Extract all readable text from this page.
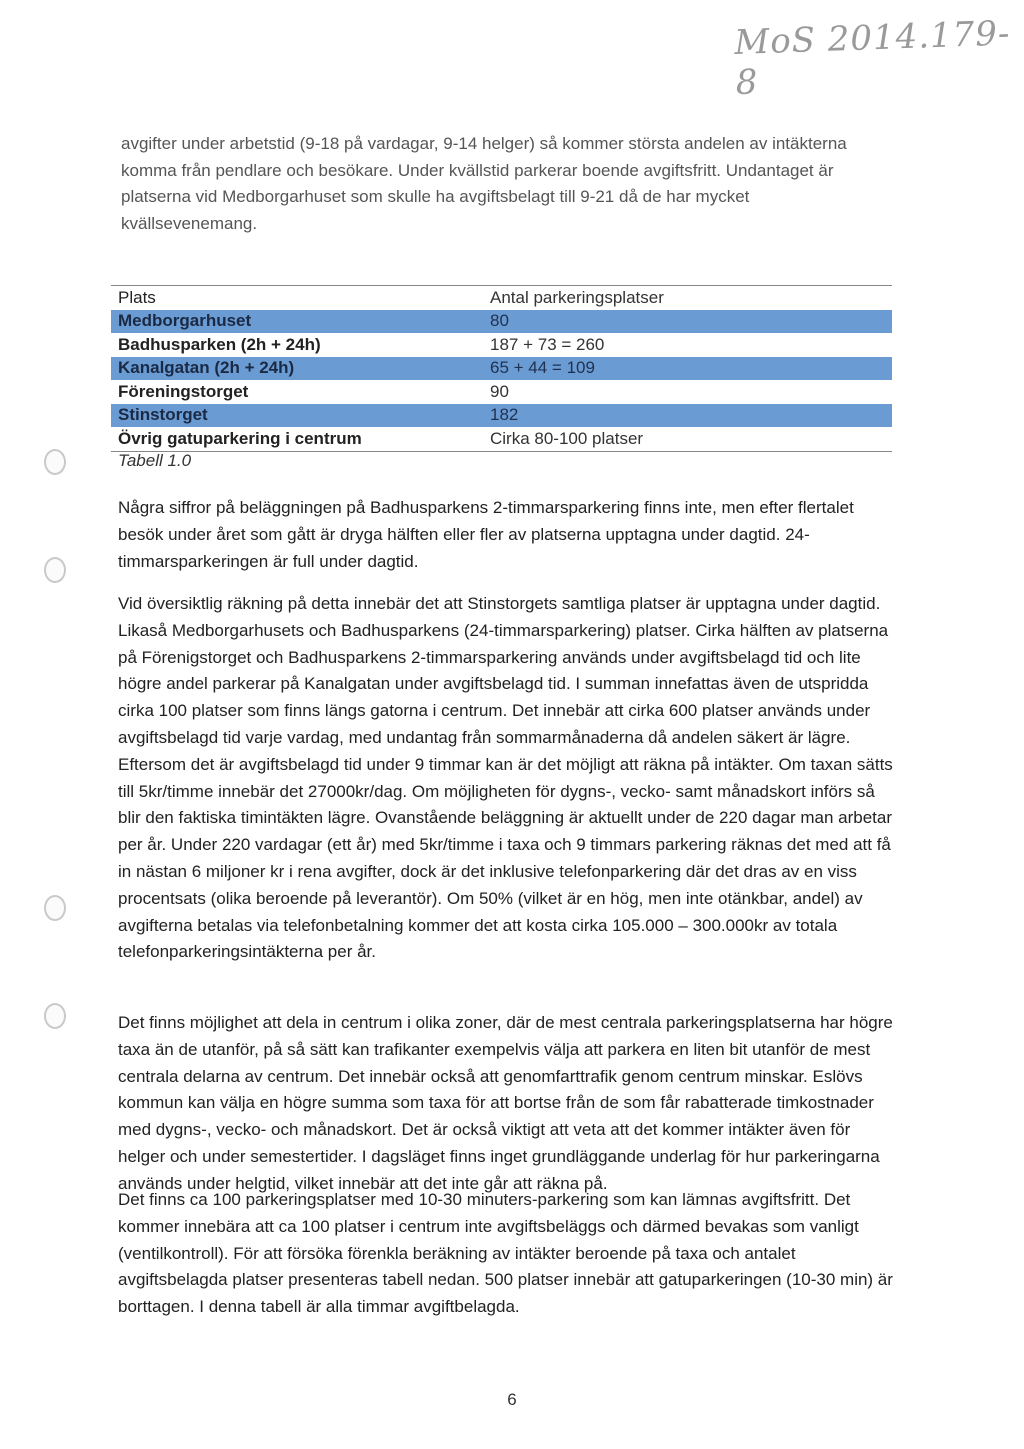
MoS 2014.179-8

avgifter under arbetstid (9-18 på vardagar, 9-14 helger) så kommer största andelen av intäkterna komma från pendlare och besökare. Under kvällstid parkerar boende avgiftsfritt. Undantaget är platserna vid Medborgarhuset som skulle ha avgiftsbelagt till 9-21 då de har mycket kvällsevenemang.

Plats	Antal parkeringsplatser
Medborgarhuset	80
Badhusparken (2h + 24h)	187 + 73 = 260
Kanalgatan (2h + 24h)	65 + 44 = 109
Föreningstorget	90
Stinstorget	182
Övrig gatuparkering i centrum	Cirka 80-100 platser
Tabell 1.0

Några siffror på beläggningen på Badhusparkens 2-timmarsparkering finns inte, men efter flertalet besök under året som gått är dryga hälften eller fler av platserna upptagna under dagtid. 24-timmarsparkeringen är full under dagtid.

Vid översiktlig räkning på detta innebär det att Stinstorgets samtliga platser är upptagna under dagtid. Likaså Medborgarhusets och Badhusparkens (24-timmarsparkering) platser. Cirka hälften av platserna på Förenigstorget och Badhusparkens 2-timmarsparkering används under avgiftsbelagd tid och lite högre andel parkerar på Kanalgatan under avgiftsbelagd tid. I summan innefattas även de utspridda cirka 100 platser som finns längs gatorna i centrum. Det innebär att cirka 600 platser används under avgiftsbelagd tid varje vardag, med undantag från sommarmånaderna då andelen säkert är lägre. Eftersom det är avgiftsbelagd tid under 9 timmar kan är det möjligt att räkna på intäkter. Om taxan sätts till 5kr/timme innebär det 27000kr/dag. Om möjligheten för dygns-, vecko- samt månadskort införs så blir den faktiska timintäkten lägre. Ovanstående beläggning är aktuellt under de 220 dagar man arbetar per år. Under 220 vardagar (ett år) med 5kr/timme i taxa och 9 timmars parkering räknas det med att få in nästan 6 miljoner kr i rena avgifter, dock är det inklusive telefonparkering där det dras av en viss procentsats (olika beroende på leverantör). Om 50% (vilket är en hög, men inte otänkbar, andel) av avgifterna betalas via telefonbetalning kommer det att kosta cirka 105.000 – 300.000kr av totala telefonparkeringsintäkterna per år.

Det finns möjlighet att dela in centrum i olika zoner, där de mest centrala parkeringsplatserna har högre taxa än de utanför, på så sätt kan trafikanter exempelvis välja att parkera en liten bit utanför de mest centrala delarna av centrum. Det innebär också att genomfarttrafik genom centrum minskar. Eslövs kommun kan välja en högre summa som taxa för att bortse från de som får rabatterade timkostnader med dygns-, vecko- och månadskort. Det är också viktigt att veta att det kommer intäkter även för helger och under semestertider. I dagsläget finns inget grundläggande underlag för hur parkeringarna används under helgtid, vilket innebär att det inte går att räkna på.

Det finns ca 100 parkeringsplatser med 10-30 minuters-parkering som kan lämnas avgiftsfritt. Det kommer innebära att ca 100 platser i centrum inte avgiftsbeläggs och därmed bevakas som vanligt (ventilkontroll). För att försöka förenkla beräkning av intäkter beroende på taxa och antalet avgiftsbelagda platser presenteras tabell nedan. 500 platser innebär att gatuparkeringen (10-30 min) är borttagen. I denna tabell är alla timmar avgiftbelagda.

6
